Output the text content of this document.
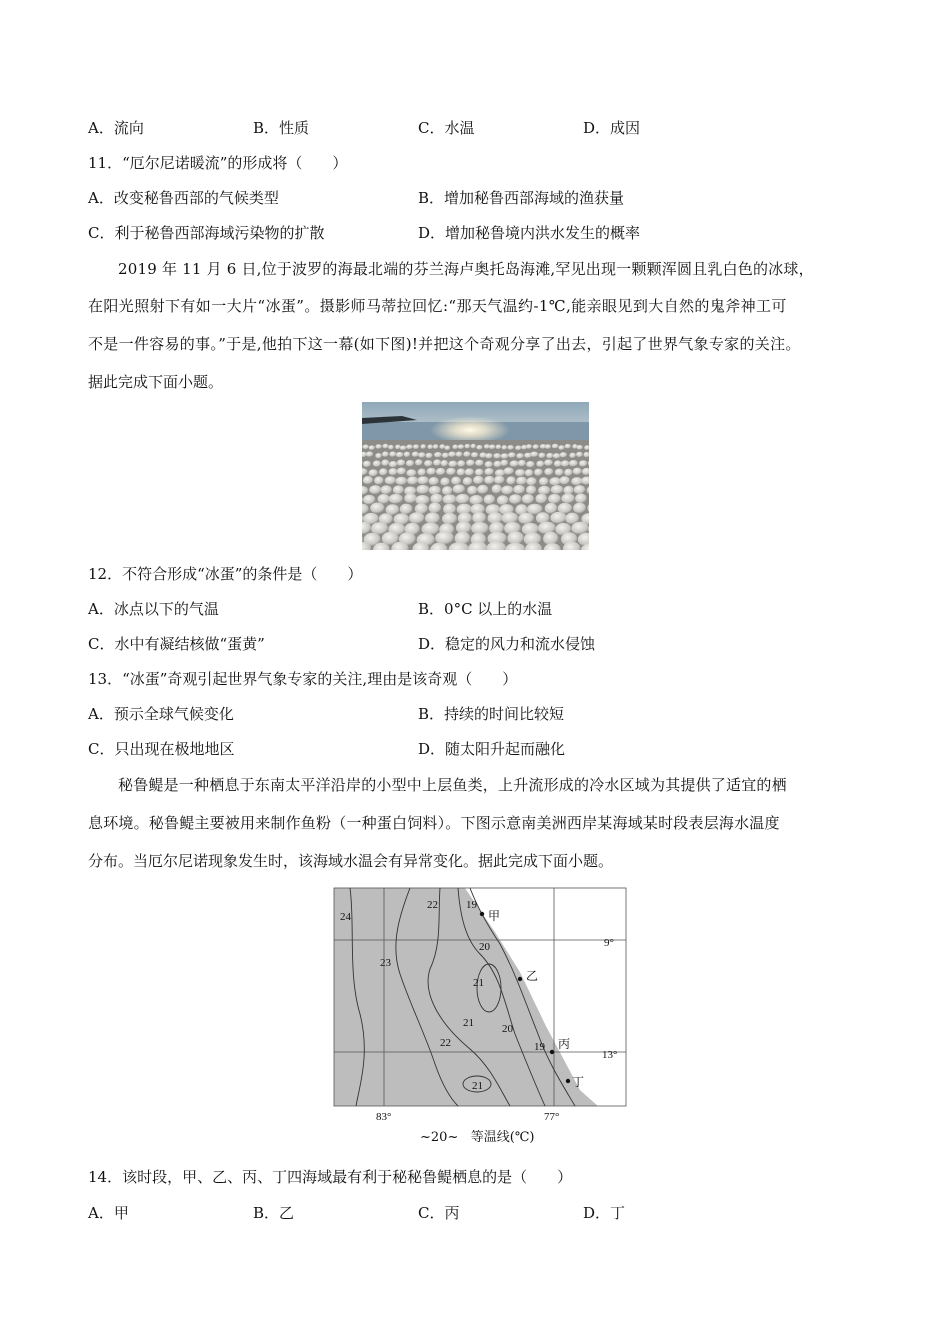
A．流向	B．性质	C．水温	D．成因
11．“厄尔尼诺暖流”的形成将（　　）
A．改变秘鲁西部的气候类型	B．增加秘鲁西部海域的渔获量
C．利于秘鲁西部海域污染物的扩散	D．增加秘鲁境内洪水发生的概率
2019 年 11 月 6 日,位于波罗的海最北端的芬兰海卢奥托岛海滩,罕见出现一颗颗浑圆且乳白色的冰球，
在阳光照射下有如一大片“冰蛋”。摄影师马蒂拉回忆:“那天气温约-1℃,能亲眼见到大自然的鬼斧神工可
不是一件容易的事。”于是,他拍下这一幕(如下图)!并把这个奇观分享了出去，引起了世界气象专家的关注。
据此完成下面小题。
12．不符合形成“冰蛋”的条件是（　　）
A．冰点以下的气温	B．0°C 以上的水温
C．水中有凝结核做“蛋黄”	D．稳定的风力和流水侵蚀
13．“冰蛋”奇观引起世界气象专家的关注,理由是该奇观（　　）
A．预示全球气候变化	B．持续的时间比较短
C．只出现在极地地区	D．随太阳升起而融化
秘鲁鳀是一种栖息于东南太平洋沿岸的小型中上层鱼类，上升流形成的冷水区域为其提供了适宜的栖
息环境。秘鲁鳀主要被用来制作鱼粉（一种蛋白饲料）。下图示意南美洲西岸某海域某时段表层海水温度
分布。当厄尔尼诺现象发生时，该海域水温会有异常变化。据此完成下面小题。
24
22	19
20
23
21
21	20
22	19
21
甲
乙
丙
丁
9°
13°
83°	77°
~20~ 等温线(℃)
14．该时段，甲、乙、丙、丁四海域最有利于秘秘鲁鳀栖息的是（　　）
A．甲	B．乙	C．丙	D．丁
